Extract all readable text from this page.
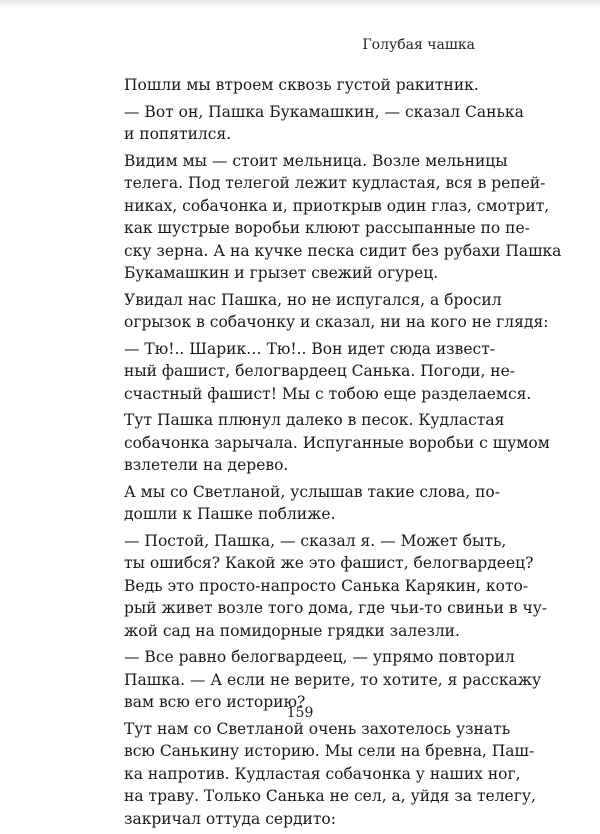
Голубая чашка

Пошли мы втроем сквозь густой ракитник.

— Вот он, Пашка Букамашкин, — сказал Санька
и попятился.

Видим мы — стоит мельница. Возле мельницы
телега. Под телегой лежит кудластая, вся в репей-
никах, собачонка и, приоткрыв один глаз, смотрит,
как шустрые воробьи клюют рассыпанные по пе-
ску зерна. А на кучке песка сидит без рубахи Пашка
Букамашкин и грызет свежий огурец.

Увидал нас Пашка, но не испугался, а бросил
огрызок в собачонку и сказал, ни на кого не глядя:

— Тю!.. Шарик… Тю!.. Вон идет сюда извест-
ный фашист, белогвардеец Санька. Погоди, не-
счастный фашист! Мы с тобою еще разделаемся.

Тут Пашка плюнул далеко в песок. Кудластая
собачонка зарычала. Испуганные воробьи с шумом
взлетели на дерево.

А мы со Светланой, услышав такие слова, по-
дошли к Пашке поближе.

— Постой, Пашка, — сказал я. — Может быть,
ты ошибся? Какой же это фашист, белогвардеец?
Ведь это просто-напросто Санька Карякин, кото-
рый живет возле того дома, где чьи-то свиньи в чу-
жой сад на помидорные грядки залезли.

— Все равно белогвардеец, — упрямо повторил
Пашка. — А если не верите, то хотите, я расскажу
вам всю его историю?

Тут нам со Светланой очень захотелось узнать
всю Санькину историю. Мы сели на бревна, Паш-
ка напротив. Кудластая собачонка у наших ног,
на траву. Только Санька не сел, а, уйдя за телегу,
закричал оттуда сердито:

159
